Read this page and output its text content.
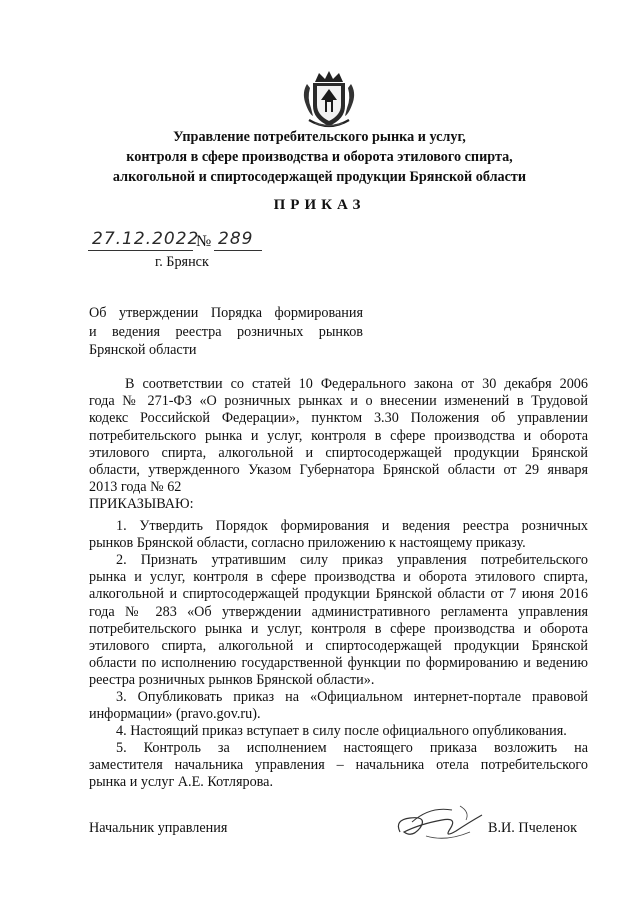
Управление потребительского рынка и услуг,
контроля в сфере производства и оборота этилового спирта,
алкогольной и спиртосодержащей продукции Брянской области
ПРИКАЗ
27.12.2022
№ 289
г. Брянск
Об утверждении Порядка формирования
и ведения реестра розничных рынков
Брянской области
В соответствии со статей 10 Федерального закона от 30 декабря 2006
года № 271-ФЗ «О розничных рынках и о внесении изменений в Трудовой
кодекс Российской Федерации», пунктом 3.30 Положения об управлении
потребительского рынка и услуг, контроля в сфере производства и оборота
этилового спирта, алкогольной и спиртосодержащей продукции Брянской
области, утвержденного Указом Губернатора Брянской области от 29 января
2013 года № 62
ПРИКАЗЫВАЮ:
1. Утвердить Порядок формирования и ведения реестра розничных
рынков Брянской области, согласно приложению к настоящему приказу.
2. Признать утратившим силу приказ управления потребительского
рынка и услуг, контроля в сфере производства и оборота этилового спирта,
алкогольной и спиртосодержащей продукции Брянской области от 7 июня 2016
года № 283 «Об утверждении административного регламента управления
потребительского рынка и услуг, контроля в сфере производства и оборота
этилового спирта, алкогольной и спиртосодержащей продукции Брянской
области по исполнению государственной функции по формированию и ведению
реестра розничных рынков Брянской области».
3. Опубликовать приказ на «Официальном интернет-портале правовой
информации» (pravo.gov.ru).
4. Настоящий приказ вступает в силу после официального опубликования.
5. Контроль за исполнением настоящего приказа возложить на
заместителя начальника управления – начальника отела потребительского
рынка и услуг А.Е. Котлярова.
Начальник управления	В.И. Пчеленок
